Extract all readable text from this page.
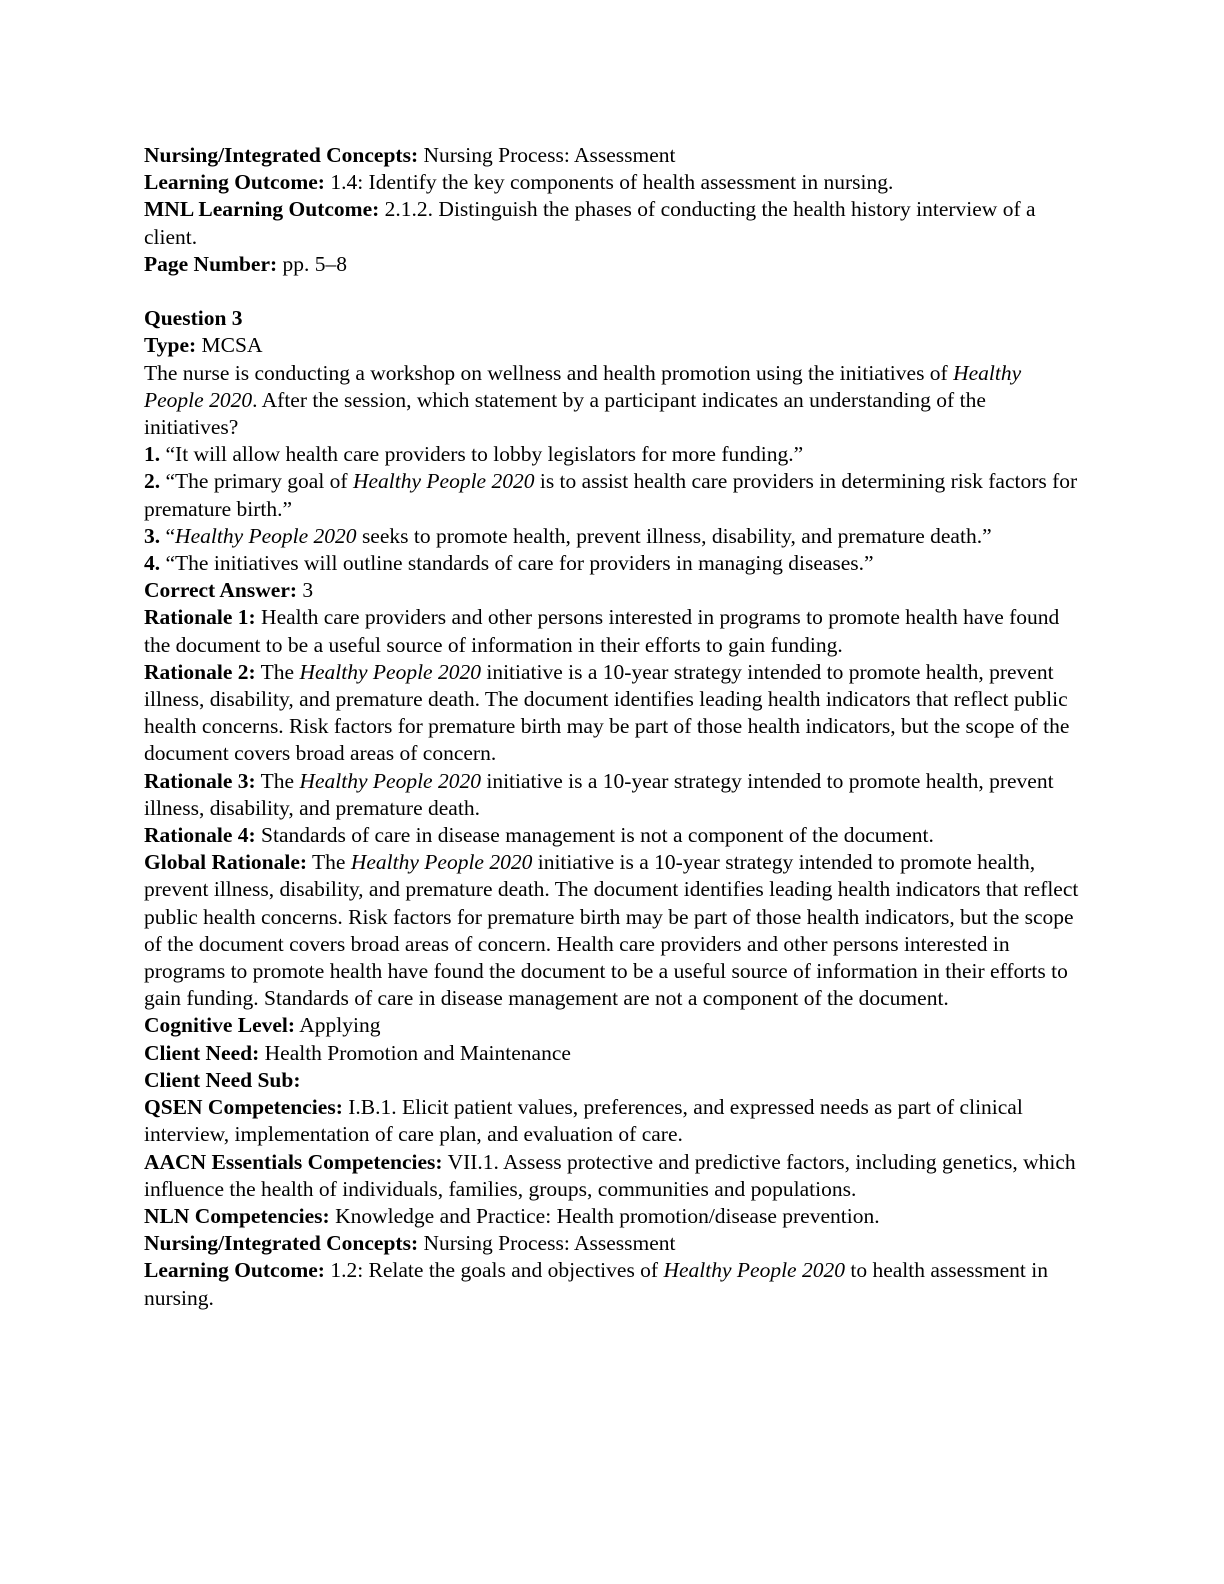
Nursing/Integrated Concepts: Nursing Process: Assessment

Learning Outcome: 1.4: Identify the key components of health assessment in nursing.

MNL Learning Outcome: 2.1.2. Distinguish the phases of conducting the health history interview of a client.

Page Number: pp. 5–8

Question 3

Type: MCSA

The nurse is conducting a workshop on wellness and health promotion using the initiatives of Healthy People 2020. After the session, which statement by a participant indicates an understanding of the initiatives?

1. “It will allow health care providers to lobby legislators for more funding.”

2. “The primary goal of Healthy People 2020 is to assist health care providers in determining risk factors for premature birth.”

3. “Healthy People 2020 seeks to promote health, prevent illness, disability, and premature death.”

4. “The initiatives will outline standards of care for providers in managing diseases.”

Correct Answer: 3

Rationale 1: Health care providers and other persons interested in programs to promote health have found the document to be a useful source of information in their efforts to gain funding.

Rationale 2: The Healthy People 2020 initiative is a 10-year strategy intended to promote health, prevent illness, disability, and premature death. The document identifies leading health indicators that reflect public health concerns. Risk factors for premature birth may be part of those health indicators, but the scope of the document covers broad areas of concern.

Rationale 3: The Healthy People 2020 initiative is a 10-year strategy intended to promote health, prevent illness, disability, and premature death.

Rationale 4: Standards of care in disease management is not a component of the document.

Global Rationale: The Healthy People 2020 initiative is a 10-year strategy intended to promote health, prevent illness, disability, and premature death. The document identifies leading health indicators that reflect public health concerns. Risk factors for premature birth may be part of those health indicators, but the scope of the document covers broad areas of concern. Health care providers and other persons interested in programs to promote health have found the document to be a useful source of information in their efforts to gain funding. Standards of care in disease management are not a component of the document.

Cognitive Level: Applying

Client Need: Health Promotion and Maintenance

Client Need Sub:

QSEN Competencies: I.B.1. Elicit patient values, preferences, and expressed needs as part of clinical interview, implementation of care plan, and evaluation of care.

AACN Essentials Competencies: VII.1. Assess protective and predictive factors, including genetics, which influence the health of individuals, families, groups, communities and populations.

NLN Competencies: Knowledge and Practice: Health promotion/disease prevention.

Nursing/Integrated Concepts: Nursing Process: Assessment

Learning Outcome: 1.2: Relate the goals and objectives of Healthy People 2020 to health assessment in nursing.
